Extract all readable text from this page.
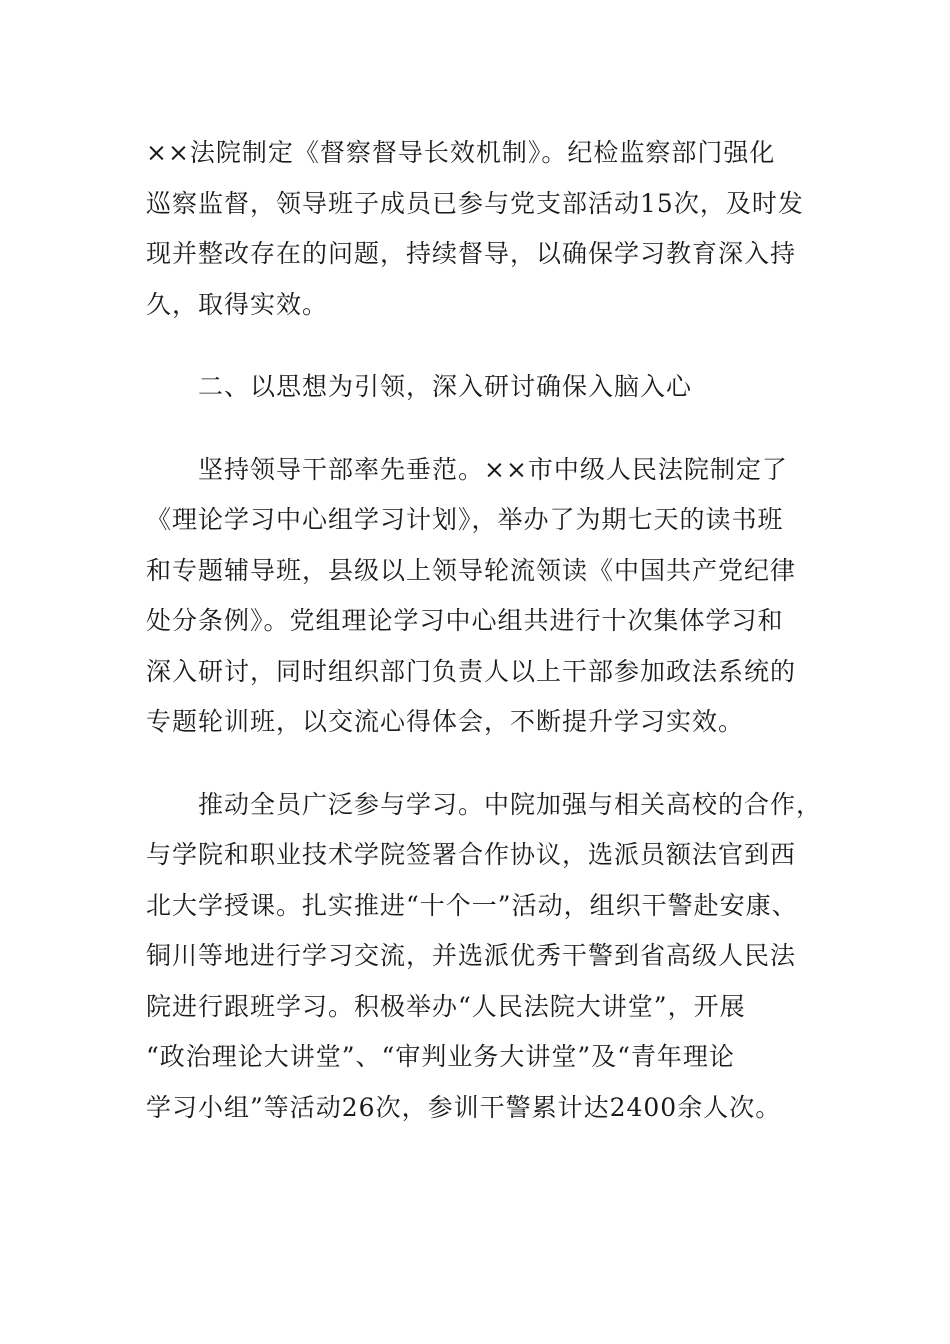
××法院制定《督察督导长效机制》。纪检监察部门强化
巡察监督，领导班子成员已参与党支部活动15次，及时发
现并整改存在的问题，持续督导，以确保学习教育深入持
久，取得实效。
二、以思想为引领，深入研讨确保入脑入心
坚持领导干部率先垂范。××市中级人民法院制定了
《理论学习中心组学习计划》，举办了为期七天的读书班
和专题辅导班，县级以上领导轮流领读《中国共产党纪律
处分条例》。党组理论学习中心组共进行十次集体学习和
深入研讨，同时组织部门负责人以上干部参加政法系统的
专题轮训班，以交流心得体会，不断提升学习实效。
推动全员广泛参与学习。中院加强与相关高校的合作，
与学院和职业技术学院签署合作协议，选派员额法官到西
北大学授课。扎实推进“十个一”活动，组织干警赴安康、
铜川等地进行学习交流，并选派优秀干警到省高级人民法
院进行跟班学习。积极举办“人民法院大讲堂”，开展
“政治理论大讲堂”、“审判业务大讲堂”及“青年理论
学习小组”等活动26次，参训干警累计达2400余人次。
